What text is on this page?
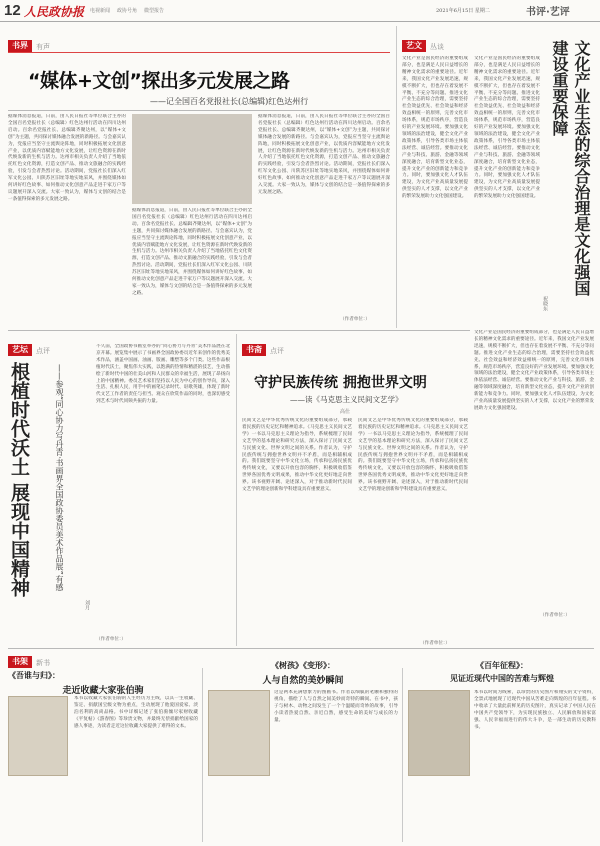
12 人民政协报 电视新闻 政协号角 微型报告	2021年6月15日 星期二	书评·艺评
书界	有声
“媒体+文创”探出多元发展之路
——记全国百名党报社长(总编辑)红色达州行
据媒体消息报道，日前，由人民日报社等单位联合主办的全国百名党报社长（总编辑）红色达州行活动在四川达州启动。百余名党报社长、总编辑齐聚达州，以“媒体+文创”为主题，共同探讨媒体融合发展的新路径。与会嘉宾认为，党报应当坚守主流舆论阵地，同时积极拓展文化创意产业，以优质内容赋能地方文化发展，让红色资源在新时代焕发新的生机与活力。达州市相关负责人介绍了当地依托红色文化资源，打造文创产品、推动文旅融合的实践经验，引发与会者热烈讨论。活动期间，党报社长们深入红军文化公园、川陕苏区旧址等地实地采风，并围绕媒体如何讲好红色故事、如何推动文化创意产品走进千家万户等议题展开深入交流。大家一致认为，媒体与文创的结合是一条值得探索的多元发展之路。
据媒体消息报道，日前，由人民日报社等单位联合主办的全国百名党报社长（总编辑）红色达州行活动在四川达州启动。百余名党报社长、总编辑齐聚达州，以“媒体+文创”为主题，共同探讨媒体融合发展的新路径。与会嘉宾认为，党报应当坚守主流舆论阵地，同时积极拓展文化创意产业，以优质内容赋能地方文化发展，让红色资源在新时代焕发新的生机与活力。达州市相关负责人介绍了当地依托红色文化资源，打造文创产品、推动文旅融合的实践经验，引发与会者热烈讨论。活动期间，党报社长们深入红军文化公园、川陕苏区旧址等地实地采风，并围绕媒体如何讲好红色故事、如何推动文化创意产品走进千家万户等议题展开深入交流。大家一致认为，媒体与文创的结合是一条值得探索的多元发展之路。
据媒体消息报道，日前，由人民日报社等单位联合主办的全国百名党报社长（总编辑）红色达州行活动在四川达州启动。百余名党报社长、总编辑齐聚达州，以“媒体+文创”为主题，共同探讨媒体融合发展的新路径。与会嘉宾认为，党报应当坚守主流舆论阵地，同时积极拓展文化创意产业，以优质内容赋能地方文化发展，让红色资源在新时代焕发新的生机与活力。达州市相关负责人介绍了当地依托红色文化资源，打造文创产品、推动文旅融合的实践经验，引发与会者热烈讨论。活动期间，党报社长们深入红军文化公园、川陕苏区旧址等地实地采风，并围绕媒体如何讲好红色故事、如何推动文化创意产品走进千家万户等议题展开深入交流。大家一致认为，媒体与文创的结合是一条值得探索的多元发展之路。
（作者单位：）
艺文	丛谈	文化产业生态的综合治理是文化强国建设重要保障
祝晓东
文化产业是国民经济的重要组成部分，也是满足人民日益增长的精神文化需求的重要途径。近年来，我国文化产业发展迅速，规模不断扩大，但也存在着发展不平衡、不充分等问题。推进文化产业生态的综合治理，需要坚持社会效益优先、社会效益和经济效益相统一的原则，完善文化市场体系，规范市场秩序，营造良好的产业发展环境。要加强文化领域的法治建设，健全文化产业政策体系，引导各类市场主体依法经营、诚信经营。要推动文化产业与科技、旅游、金融等领域深度融合，培育新型文化业态，提升文化产业的创新能力和竞争力。同时，要加强文化人才队伍建设，为文化产业高质量发展提供坚实的人才支撑，以文化产业的繁荣发展助力文化强国建设。
文化产业是国民经济的重要组成部分，也是满足人民日益增长的精神文化需求的重要途径。近年来，我国文化产业发展迅速，规模不断扩大，但也存在着发展不平衡、不充分等问题。推进文化产业生态的综合治理，需要坚持社会效益优先、社会效益和经济效益相统一的原则，完善文化市场体系，规范市场秩序，营造良好的产业发展环境。要加强文化领域的法治建设，健全文化产业政策体系，引导各类市场主体依法经营、诚信经营。要推动文化产业与科技、旅游、金融等领域深度融合，培育新型文化业态，提升文化产业的创新能力和竞争力。同时，要加强文化人才队伍建设，为文化产业高质量发展提供坚实的人才支撑，以文化产业的繁荣发展助力文化强国建设。
文化产业是国民经济的重要组成部分，也是满足人民日益增长的精神文化需求的重要途径。近年来，我国文化产业发展迅速，规模不断扩大，但也存在着发展不平衡、不充分等问题。推进文化产业生态的综合治理，需要坚持社会效益优先、社会效益和经济效益相统一的原则，完善文化市场体系，规范市场秩序，营造良好的产业发展环境。要加强文化领域的法治建设，健全文化产业政策体系，引导各类市场主体依法经营、诚信经营。要推动文化产业与科技、旅游、金融等领域深度融合，培育新型文化业态，提升文化产业的创新能力和竞争力。同时，要加强文化人才队伍建设，为文化产业高质量发展提供坚实的人才支撑，以文化产业的繁荣发展助力文化强国建设。
（作者单位：）
艺坛	点评
根植时代沃土 展现中国精神	——参观“同心协力写丹青·书画界全国政协委员美术作品展”有感
刘月
不久前，全国政协书画室举办的“同心协力写丹青”美术作品展在北京开幕。展览集中展示了书画界全国政协委员近年来创作的优秀美术作品，涵盖中国画、油画、版画、雕塑等多个门类。这些作品根植时代沃土，聚焦伟大实践，以饱满的热情和精湛的技艺，生动描绘了新时代中国的壮美山河和人民群众的幸福生活，展现了昂扬向上的中国精神。委员艺术家们坚持以人民为中心的创作导向，深入生活、扎根人民，用手中的画笔记录时代、讴歌英雄，体现了新时代文艺工作者的责任与担当。观众在欣赏作品的同时，也深切感受到艺术与时代同频共振的力量。
（作者单位：）
书斋	点评
守护民族传统 拥抱世界文明
——读《马克思主义民间文艺学》
高仕
民间文艺是中华优秀传统文化的重要组成部分，承载着民族的历史记忆和精神追求。《马克思主义民间文艺学》一书以马克思主义理论为指导，系统梳理了民间文艺学的基本理论和研究方法，深入探讨了民间文艺与民族文化、世界文明之间的关系。作者认为，守护民族传统与拥抱世界文明并不矛盾，而是相辅相成的。我们既要坚守中华文化立场，传承和弘扬民族优秀传统文化，又要以开放包容的胸怀，积极吸收借鉴世界各国优秀文明成果，推动中华文化更好地走向世界。该书视野开阔、论述深入，对于推动新时代民间文艺学的理论创新和学科建设具有重要意义。
民间文艺是中华优秀传统文化的重要组成部分，承载着民族的历史记忆和精神追求。《马克思主义民间文艺学》一书以马克思主义理论为指导，系统梳理了民间文艺学的基本理论和研究方法，深入探讨了民间文艺与民族文化、世界文明之间的关系。作者认为，守护民族传统与拥抱世界文明并不矛盾，而是相辅相成的。我们既要坚守中华文化立场，传承和弘扬民族优秀传统文化，又要以开放包容的胸怀，积极吸收借鉴世界各国优秀文明成果，推动中华文化更好地走向世界。该书视野开阔、论述深入，对于推动新时代民间文艺学的理论创新和学科建设具有重要意义。
（作者单位：）
书架	新书
《吾谁与归》：
走近收藏大家张伯驹
本书以收藏大家张伯驹的人生经历为主线，以其一生收藏、鉴定、捐献国宝级文物为重点，生动展现了他爱国爱家、淡泊名利的高尚品格。书中详细记述了张伯驹倾尽家财收藏《平复帖》《游春图》等珍贵文物，并最终无偿捐献给国家的感人事迹，为读者走近这位收藏大家提供了难得的文本。
《树孩》《变形》：
人与自然的美妙瞬间
这是两本充满想象力的图画书。作者以细腻的笔触和独特的视角，描绘了人与自然之间美妙而奇特的瞬间。在书中，孩子与树木、动物之间发生了一个个温暖而奇妙的故事，引导小读者热爱自然、亲近自然，感受生命的美好与成长的力量。
《百年征程》：
见证近现代中国的苦难与辉煌
本书以时间为线索，以珍贵的历史图片和翔实的文字资料，全景式地展现了近现代中国从苦难走向辉煌的百年征程。书中收录了大量此前鲜见的历史图片，真实记录了中国人民在中国共产党领导下，为实现民族独立、人民解放和国家富强、人民幸福而进行的伟大斗争，是一部生动的历史教科书。
